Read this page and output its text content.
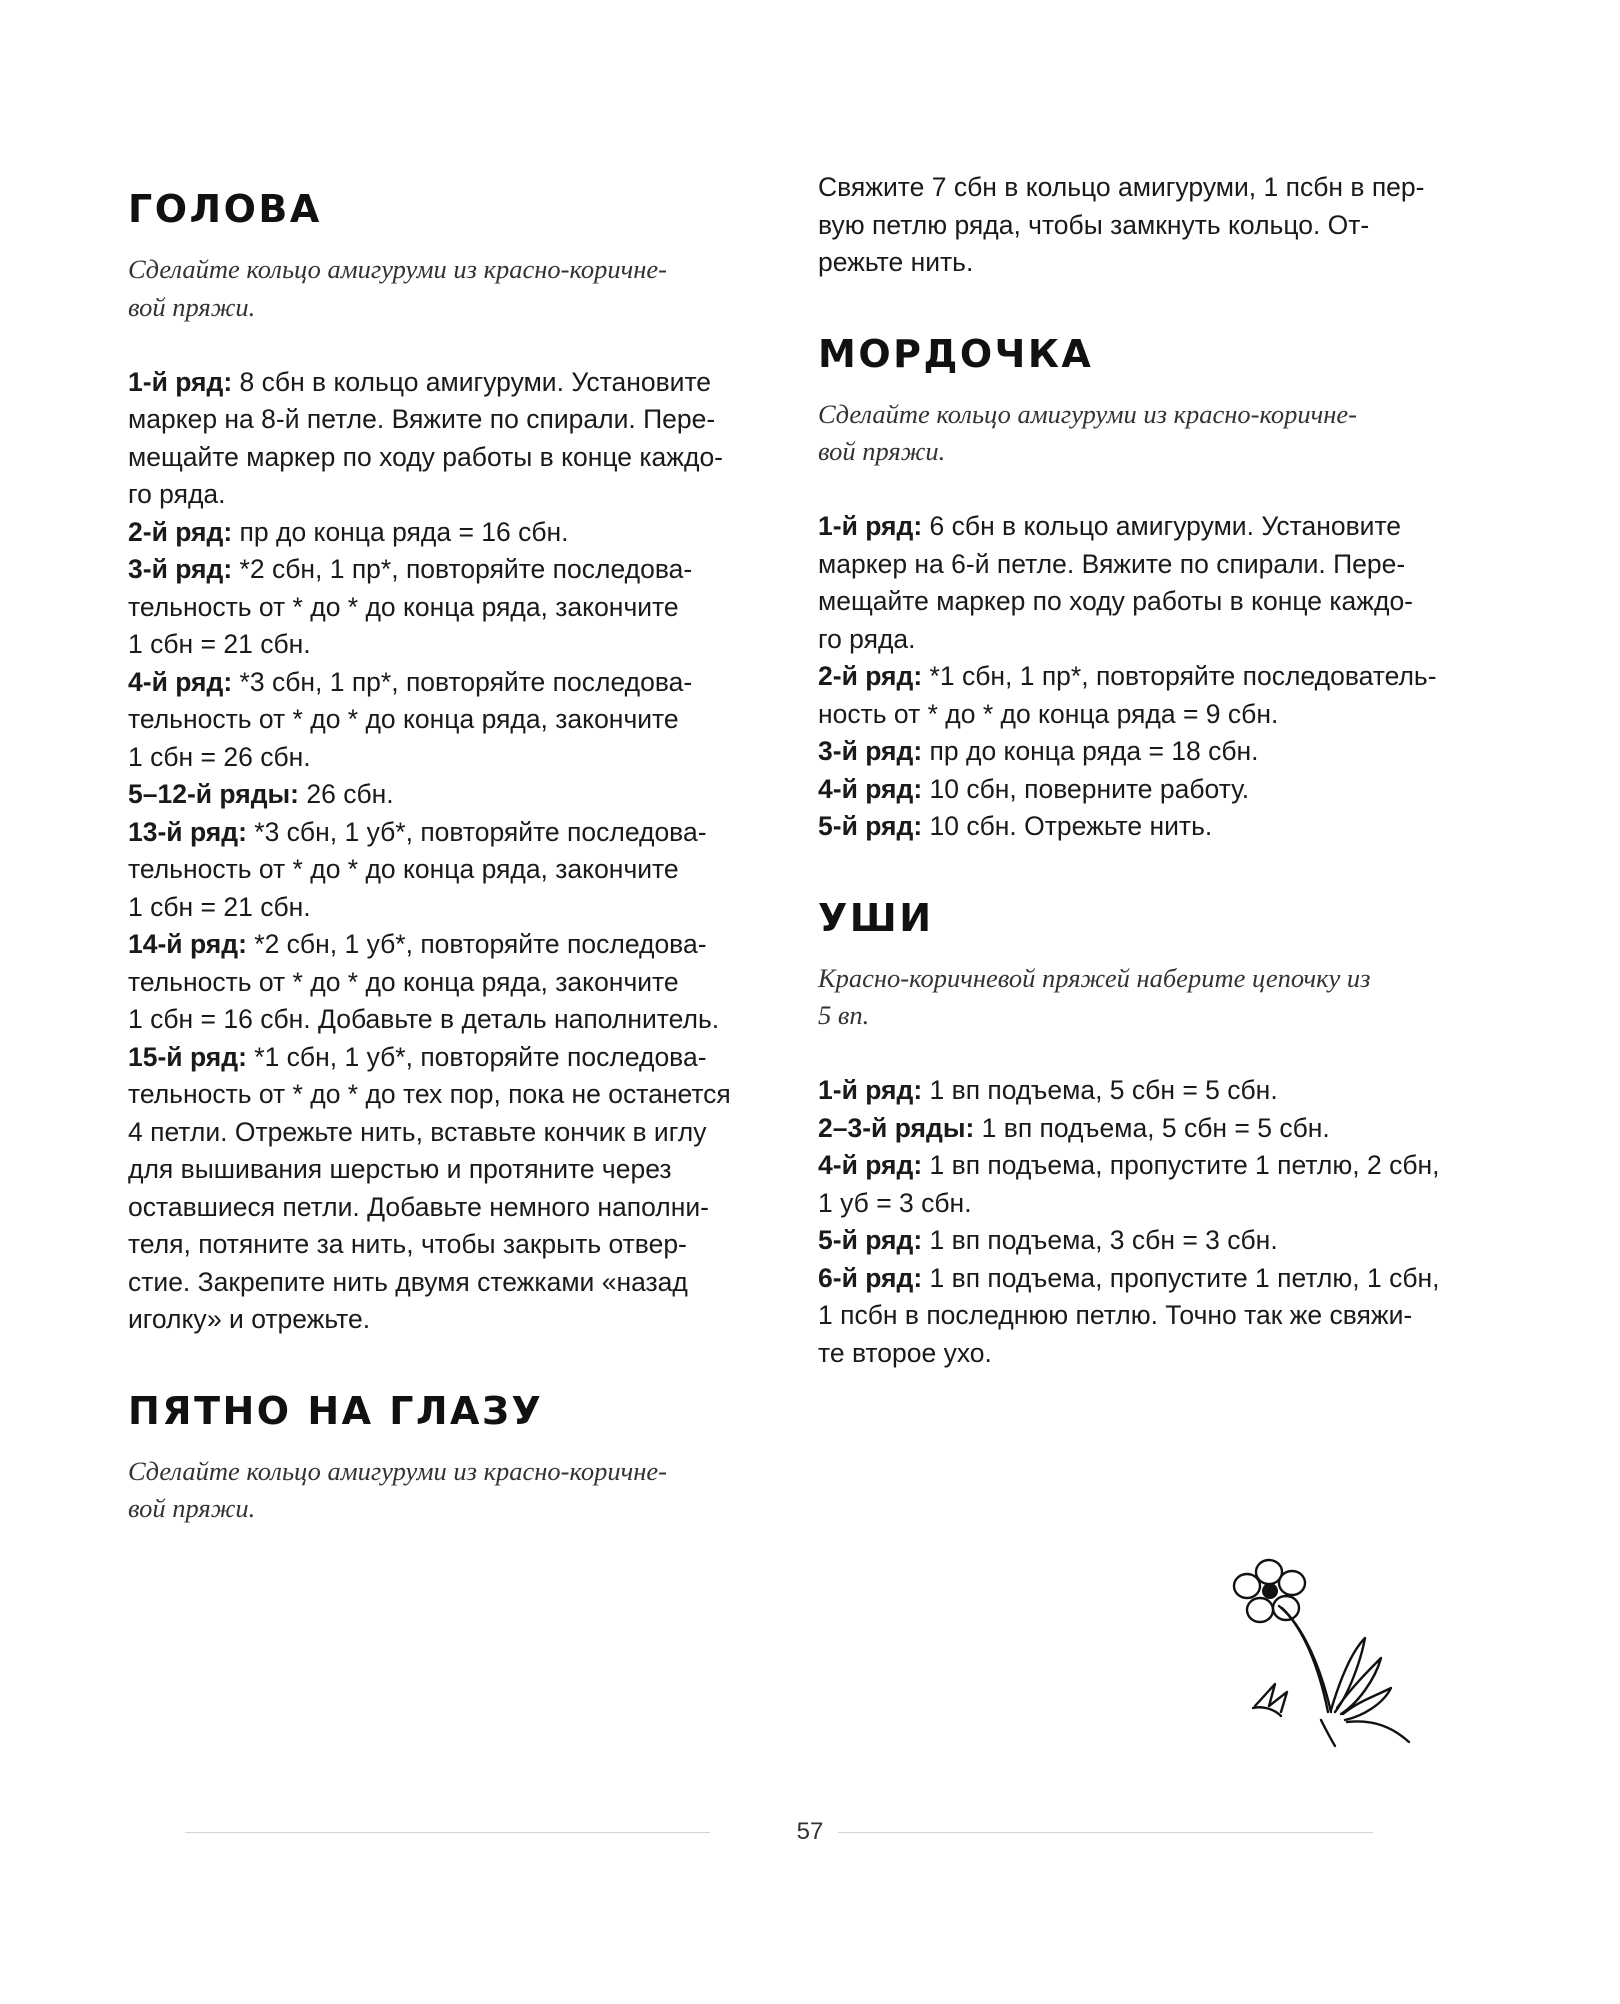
ГОЛОВА
Сделайте кольцо амигуруми из красно-коричне-
вой пряжи.
1-й ряд: 8 сбн в кольцо амигуруми. Установите
маркер на 8-й петле. Вяжите по спирали. Пере-
мещайте маркер по ходу работы в конце каждо-
го ряда.
2-й ряд: пр до конца ряда = 16 сбн.
3-й ряд: *2 сбн, 1 пр*, повторяйте последова-
тельность от * до * до конца ряда, закончите
1 сбн = 21 сбн.
4-й ряд: *3 сбн, 1 пр*, повторяйте последова-
тельность от * до * до конца ряда, закончите
1 сбн = 26 сбн.
5–12-й ряды: 26 сбн.
13-й ряд: *3 сбн, 1 уб*, повторяйте последова-
тельность от * до * до конца ряда, закончите
1 сбн = 21 сбн.
14-й ряд: *2 сбн, 1 уб*, повторяйте последова-
тельность от * до * до конца ряда, закончите
1 сбн = 16 сбн. Добавьте в деталь наполнитель.
15-й ряд: *1 сбн, 1 уб*, повторяйте последова-
тельность от * до * до тех пор, пока не останется
4 петли. Отрежьте нить, вставьте кончик в иглу
для вышивания шерстью и протяните через
оставшиеся петли. Добавьте немного наполни-
теля, потяните за нить, чтобы закрыть отвер-
стие. Закрепите нить двумя стежками «назад
иголку» и отрежьте.
ПЯТНО НА ГЛАЗУ
Сделайте кольцо амигуруми из красно-коричне-
вой пряжи.
Свяжите 7 сбн в кольцо амигуруми, 1 псбн в пер-
вую петлю ряда, чтобы замкнуть кольцо. От-
режьте нить.
МОРДОЧКА
Сделайте кольцо амигуруми из красно-коричне-
вой пряжи.
1-й ряд: 6 сбн в кольцо амигуруми. Установите
маркер на 6-й петле. Вяжите по спирали. Пере-
мещайте маркер по ходу работы в конце каждо-
го ряда.
2-й ряд: *1 сбн, 1 пр*, повторяйте последователь-
ность от * до * до конца ряда = 9 сбн.
3-й ряд: пр до конца ряда = 18 сбн.
4-й ряд: 10 сбн, поверните работу.
5-й ряд: 10 сбн. Отрежьте нить.
УШИ
Красно-коричневой пряжей наберите цепочку из
5 вп.
1-й ряд: 1 вп подъема, 5 сбн = 5 сбн.
2–3-й ряды: 1 вп подъема, 5 сбн = 5 сбн.
4-й ряд: 1 вп подъема, пропустите 1 петлю, 2 сбн,
1 уб = 3 сбн.
5-й ряд: 1 вп подъема, 3 сбн = 3 сбн.
6-й ряд: 1 вп подъема, пропустите 1 петлю, 1 сбн,
1 псбн в последнюю петлю. Точно так же свяжи-
те второе ухо.
57
